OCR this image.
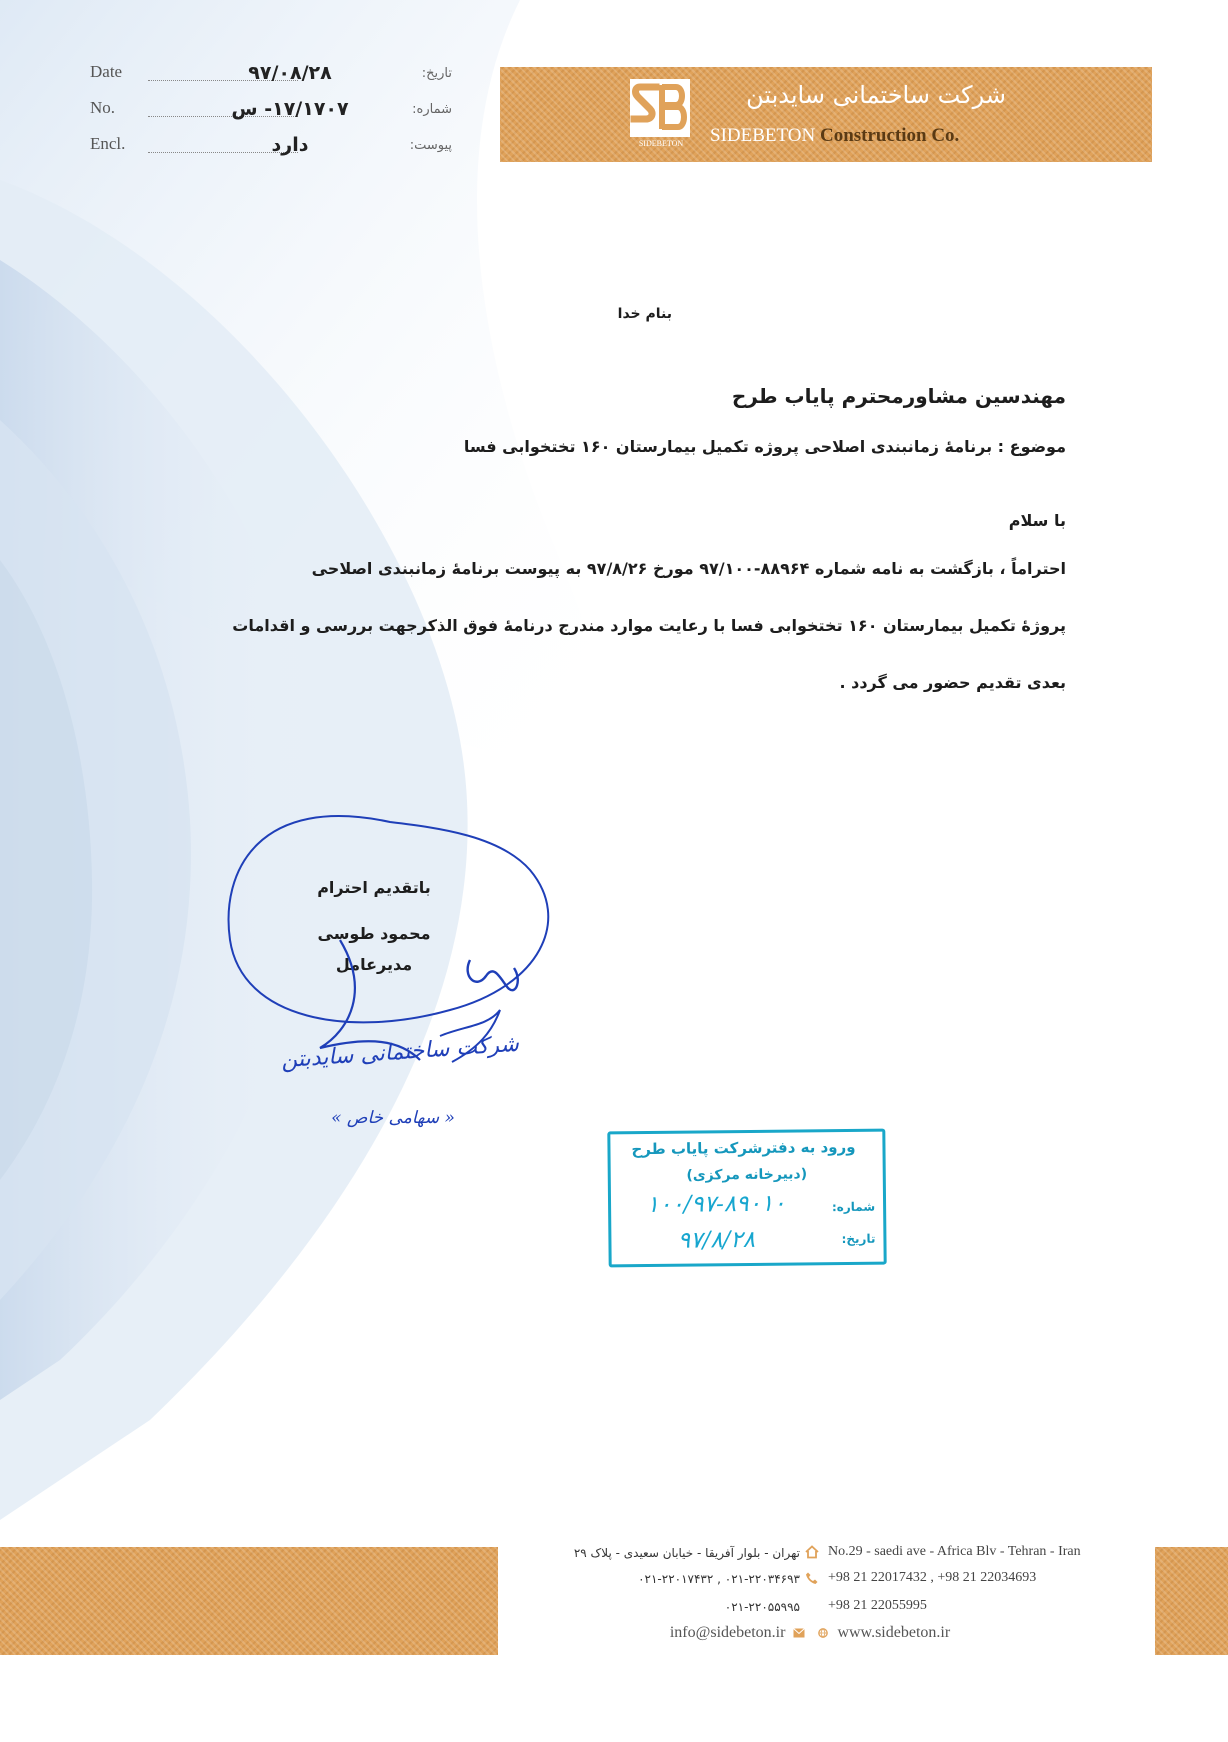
Date	۹۷/۰۸/۲۸	تاریخ:
No.	۱۷/۱۷۰۷- س	شماره:
Encl.	دارد	پیوست:	SIDEBETON
شرکت ساختمانی سایدبتن
SIDEBETON Construction Co.
بنام خدا
مهندسین مشاورمحترم پایاب طرح
موضوع : برنامۀ زمانبندی اصلاحی پروژه تکمیل بیمارستان ۱۶۰ تختخوابی فسا
با سلام
احتراماً ، بازگشت به نامه شماره ۸۸۹۶۴-۹۷/۱۰۰ مورخ ۹۷/۸/۲۶ به پیوست برنامۀ زمانبندی اصلاحی
پروژۀ تکمیل بیمارستان ۱۶۰ تختخوابی فسا با رعایت موارد مندرج درنامۀ فوق الذکرجهت بررسی و اقدامات
بعدی تقدیم حضور می گردد .
باتقدیم احترام
محمود طوسی
مدیرعامل
شرکت ساختمانی سایدبتن
« سهامی خاص »
ورود به دفترشرکت پایاب طرح
(دبیرخانه مرکزی)
شماره:
۱۰۰/۹۷-۸۹۰۱۰
تاریخ:
۹۷/۸/۲۸
تهران - بلوار آفریقا - خیابان سعیدی - پلاک ۲۹
۰۲۱-۲۲۰۳۴۶۹۳ , ۰۲۱-۲۲۰۱۷۴۳۲
۰۲۱-۲۲۰۵۵۹۹۵
No.29 - saedi ave - Africa Blv - Tehran - Iran
+98 21 22017432 , +98 21 22034693
+98 21 22055995
info@sidebeton.ir	www.sidebeton.ir
